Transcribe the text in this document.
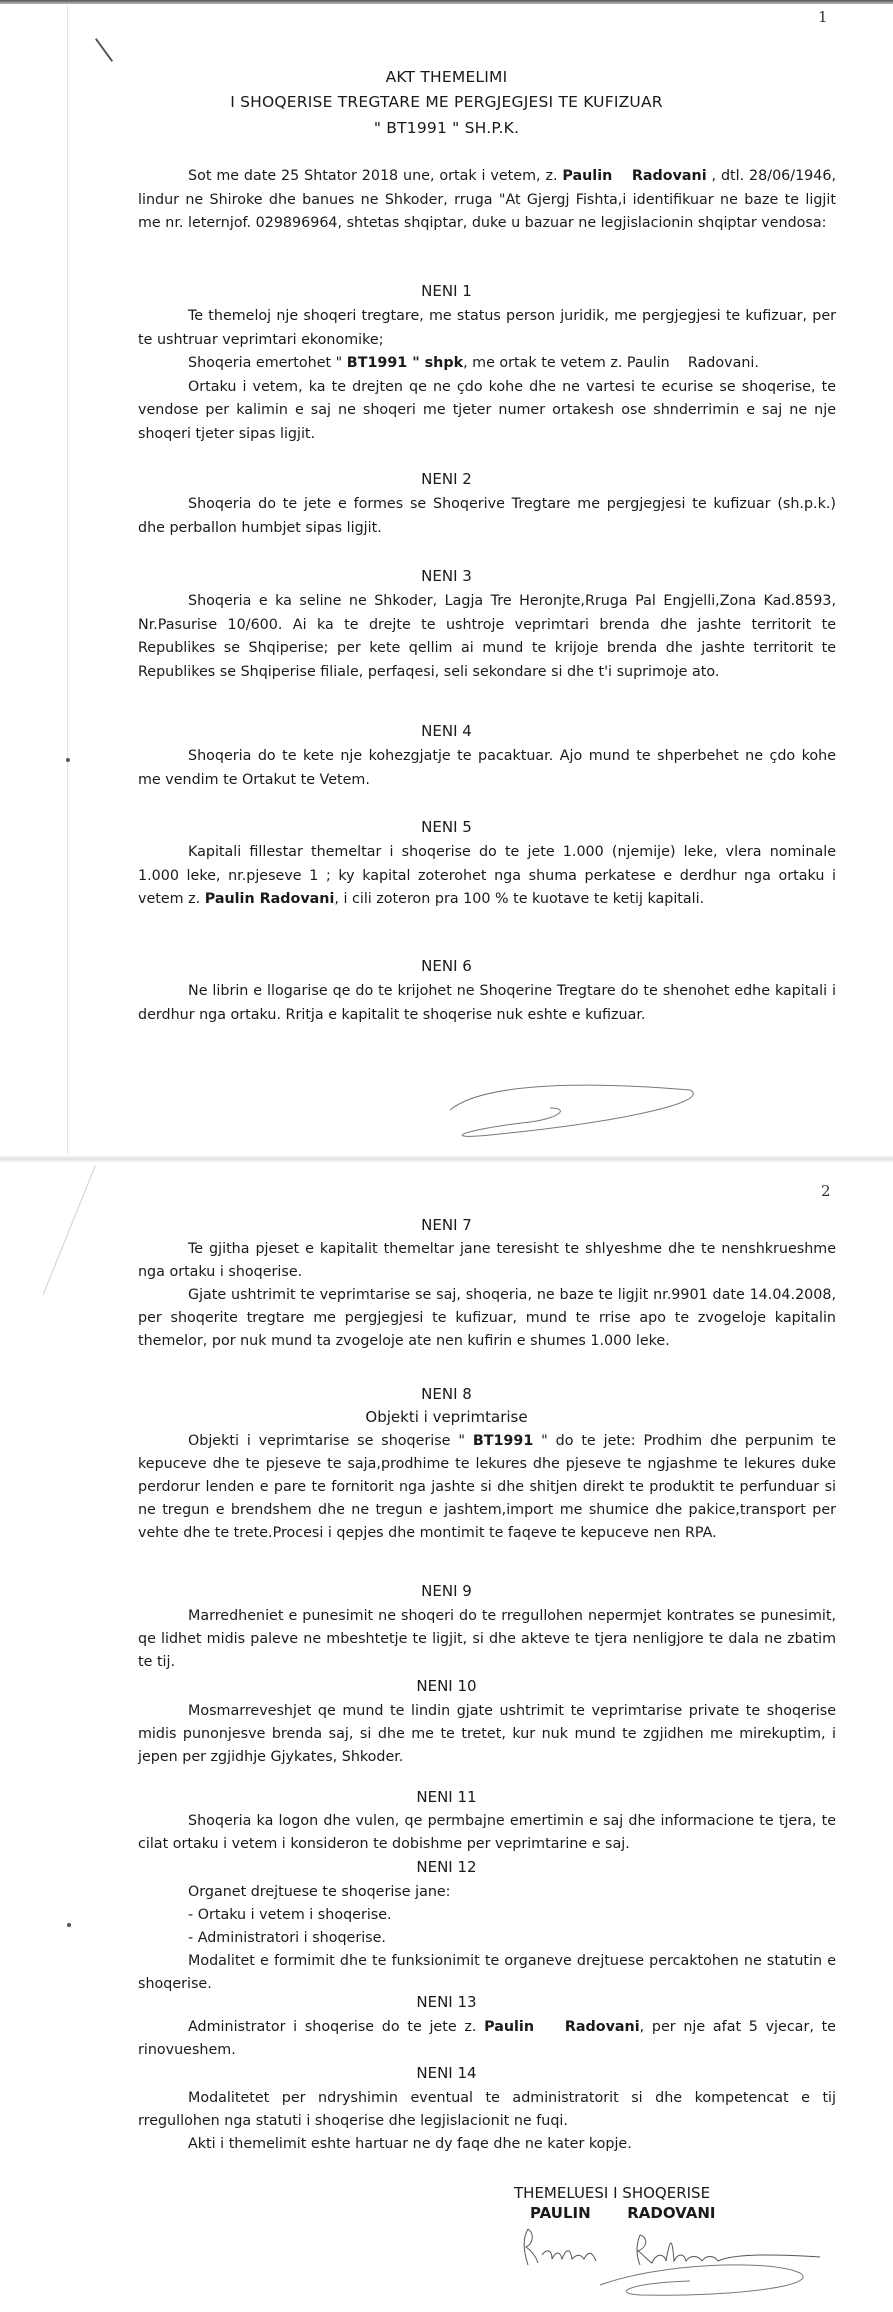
1
AKT THEMELIMI
I SHOQERISE TREGTARE ME PERGJEGJESI TE KUFIZUAR
" BT1991 " SH.P.K.
Sot me date 25 Shtator 2018 une, ortak i vetem, z. Paulin Radovani , dtl. 28/06/1946, lindur ne Shiroke dhe banues ne Shkoder, rruga "At Gjergj Fishta,i identifikuar ne baze te ligjit me nr. leternjof. 029896964, shtetas shqiptar, duke u bazuar ne legjislacionin shqiptar vendosa:
NENI 1
Te themeloj nje shoqeri tregtare, me status person juridik, me pergjegjesi te kufizuar, per te ushtruar veprimtari ekonomike;
Shoqeria emertohet " BT1991 " shpk, me ortak te vetem z. Paulin Radovani.
Ortaku i vetem, ka te drejten qe ne çdo kohe dhe ne vartesi te ecurise se shoqerise, te vendose per kalimin e saj ne shoqeri me tjeter numer ortakesh ose shnderrimin e saj ne nje shoqeri tjeter sipas ligjit.
NENI 2
Shoqeria do te jete e formes se Shoqerive Tregtare me pergjegjesi te kufizuar (sh.p.k.) dhe perballon humbjet sipas ligjit.
NENI 3
Shoqeria e ka seline ne Shkoder, Lagja Tre Heronjte,Rruga Pal Engjelli,Zona Kad.8593, Nr.Pasurise 10/600. Ai ka te drejte te ushtroje veprimtari brenda dhe jashte territorit te Republikes se Shqiperise; per kete qellim ai mund te krijoje brenda dhe jashte territorit te Republikes se Shqiperise filiale, perfaqesi, seli sekondare si dhe t'i suprimoje ato.
NENI 4
Shoqeria do te kete nje kohezgjatje te pacaktuar. Ajo mund te shperbehet ne çdo kohe me vendim te Ortakut te Vetem.
NENI 5
Kapitali fillestar themeltar i shoqerise do te jete 1.000 (njemije) leke, vlera nominale 1.000 leke, nr.pjeseve 1 ; ky kapital zoterohet nga shuma perkatese e derdhur nga ortaku i vetem z. Paulin Radovani, i cili zoteron pra 100 % te kuotave te ketij kapitali.
NENI 6
Ne librin e llogarise qe do te krijohet ne Shoqerine Tregtare do te shenohet edhe kapitali i derdhur nga ortaku. Rritja e kapitalit te shoqerise nuk eshte e kufizuar.
2
NENI 7
Te gjitha pjeset e kapitalit themeltar jane teresisht te shlyeshme dhe te nenshkrueshme nga ortaku i shoqerise.
Gjate ushtrimit te veprimtarise se saj, shoqeria, ne baze te ligjit nr.9901 date 14.04.2008, per shoqerite tregtare me pergjegjesi te kufizuar, mund te rrise apo te zvogeloje kapitalin themelor, por nuk mund ta zvogeloje ate nen kufirin e shumes 1.000 leke.
NENI 8
Objekti i veprimtarise
Objekti i veprimtarise se shoqerise " BT1991 " do te jete: Prodhim dhe perpunim te kepuceve dhe te pjeseve te saja,prodhime te lekures dhe pjeseve te ngjashme te lekures duke perdorur lenden e pare te fornitorit nga jashte si dhe shitjen direkt te produktit te perfunduar si ne tregun e brendshem dhe ne tregun e jashtem,import me shumice dhe pakice,transport per vehte dhe te trete.Procesi i qepjes dhe montimit te faqeve te kepuceve nen RPA.
NENI 9
Marredheniet e punesimit ne shoqeri do te rregullohen nepermjet kontrates se punesimit, qe lidhet midis paleve ne mbeshtetje te ligjit, si dhe akteve te tjera nenligjore te dala ne zbatim te tij.
NENI 10
Mosmarreveshjet qe mund te lindin gjate ushtrimit te veprimtarise private te shoqerise midis punonjesve brenda saj, si dhe me te tretet, kur nuk mund te zgjidhen me mirekuptim, i jepen per zgjidhje Gjykates, Shkoder.
NENI 11
Shoqeria ka logon dhe vulen, qe permbajne emertimin e saj dhe informacione te tjera, te cilat ortaku i vetem i konsideron te dobishme per veprimtarine e saj.
NENI 12
Organet drejtuese te shoqerise jane:
- Ortaku i vetem i shoqerise.
- Administratori i shoqerise.
Modalitet e formimit dhe te funksionimit te organeve drejtuese percaktohen ne statutin e shoqerise.
NENI 13
Administrator i shoqerise do te jete z. Paulin Radovani, per nje afat 5 vjecar, te rinovueshem.
NENI 14
Modalitetet per ndryshimin eventual te administratorit si dhe kompetencat e tij rregullohen nga statuti i shoqerise dhe legjislacionit ne fuqi.
Akti i themelimit eshte hartuar ne dy faqe dhe ne kater kopje.
THEMELUESI I SHOQERISE
PAULIN RADOVANI
